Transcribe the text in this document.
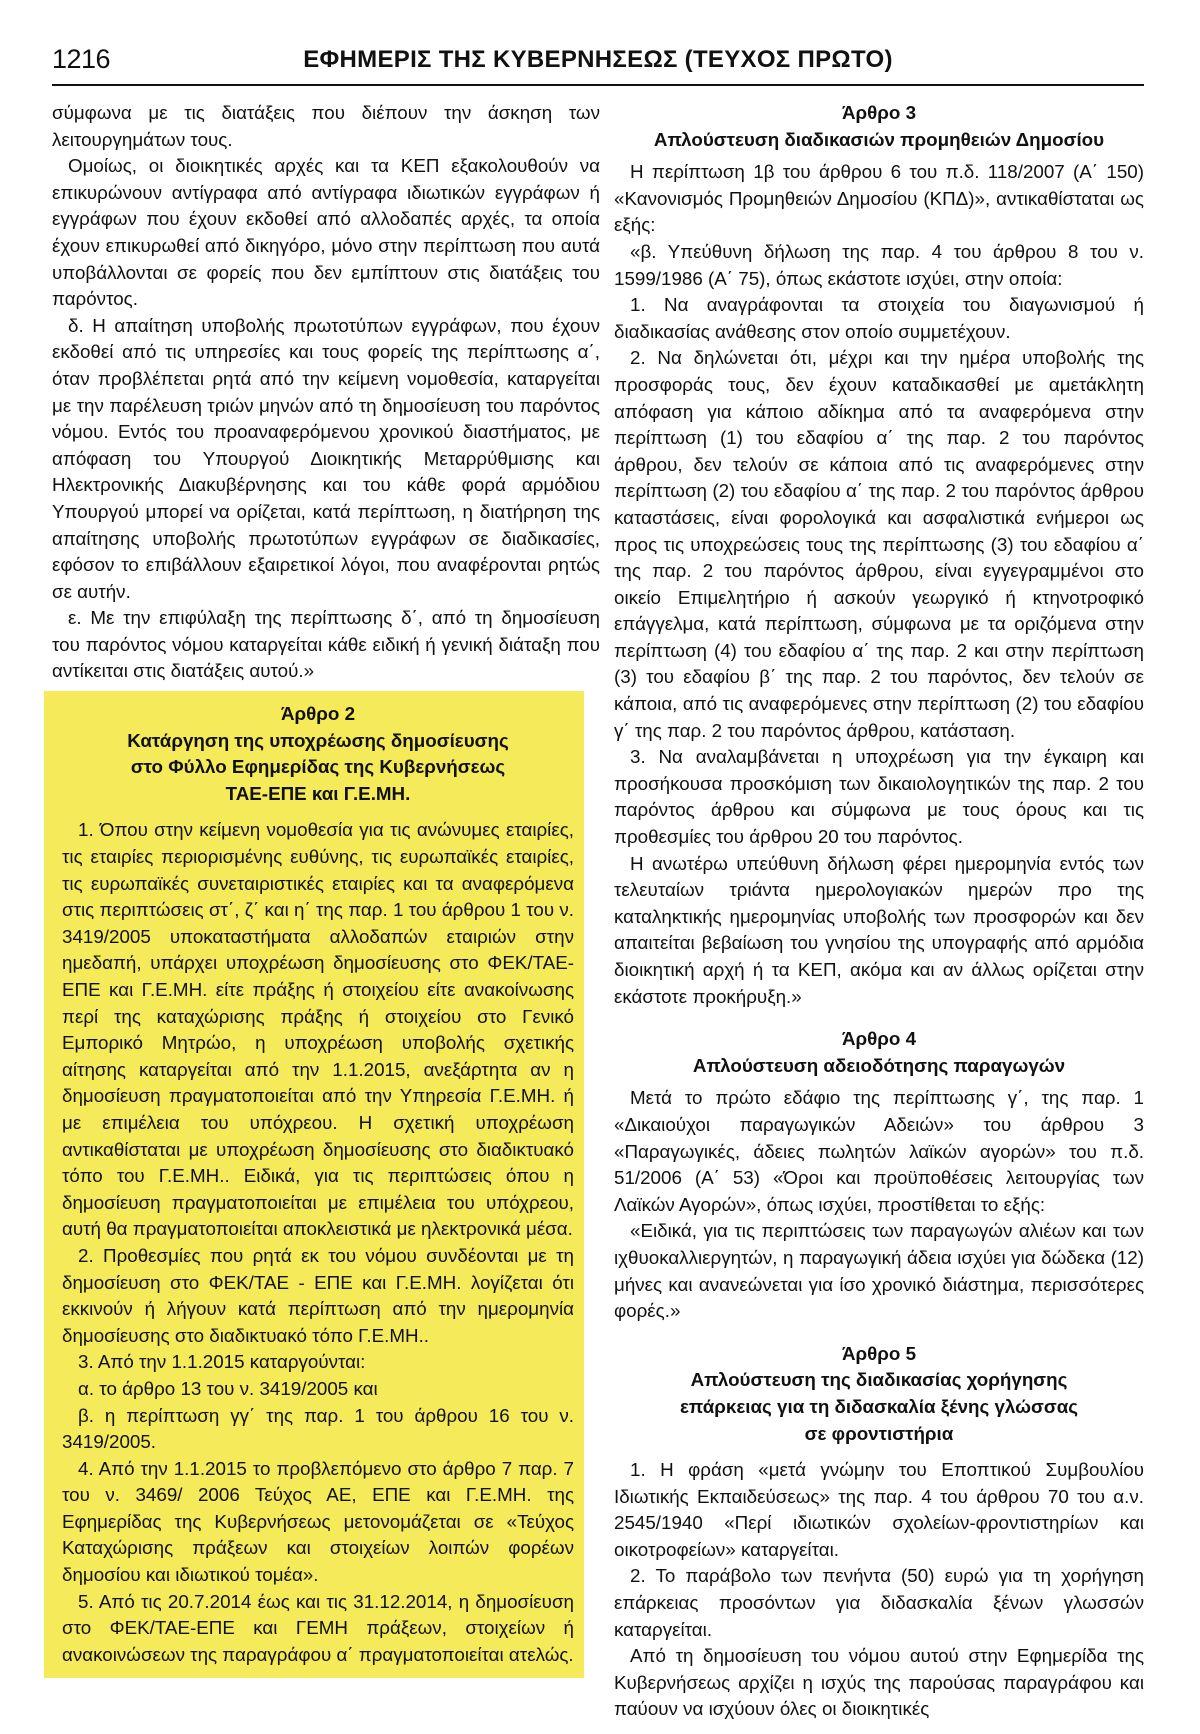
1216	ΕΦΗΜΕΡΙΣ ΤΗΣ ΚΥΒΕΡΝΗΣΕΩΣ (ΤΕΥΧΟΣ ΠΡΩΤΟ)

σύμφωνα με τις διατάξεις που διέπουν την άσκηση των λειτουργημάτων τους.

Ομοίως, οι διοικητικές αρχές και τα ΚΕΠ εξακολουθούν να επικυρώνουν αντίγραφα από αντίγραφα ιδιωτικών εγγράφων ή εγγράφων που έχουν εκδοθεί από αλλοδαπές αρχές, τα οποία έχουν επικυρωθεί από δικηγόρο, μόνο στην περίπτωση που αυτά υποβάλλονται σε φορείς που δεν εμπίπτουν στις διατάξεις του παρόντος.

δ. Η απαίτηση υποβολής πρωτοτύπων εγγράφων, που έχουν εκδοθεί από τις υπηρεσίες και τους φορείς της περίπτωσης α΄, όταν προβλέπεται ρητά από την κείμενη νομοθεσία, καταργείται με την παρέλευση τριών μηνών από τη δημοσίευση του παρόντος νόμου. Εντός του προαναφερόμενου χρονικού διαστήματος, με απόφαση του Υπουργού Διοικητικής Μεταρρύθμισης και Ηλεκτρονικής Διακυβέρνησης και του κάθε φορά αρμόδιου Υπουργού μπορεί να ορίζεται, κατά περίπτωση, η διατήρηση της απαίτησης υποβολής πρωτοτύπων εγγράφων σε διαδικασίες, εφόσον το επιβάλλουν εξαιρετικοί λόγοι, που αναφέρονται ρητώς σε αυτήν.

ε. Με την επιφύλαξη της περίπτωσης δ΄, από τη δημοσίευση του παρόντος νόμου καταργείται κάθε ειδική ή γενική διάταξη που αντίκειται στις διατάξεις αυτού.»

Άρθρο 2
Κατάργηση της υποχρέωσης δημοσίευσης
στο Φύλλο Εφημερίδας της Κυβερνήσεως
ΤΑΕ-ΕΠΕ και Γ.Ε.ΜΗ.

1. Όπου στην κείμενη νομοθεσία για τις ανώνυμες εταιρίες, τις εταιρίες περιορισμένης ευθύνης, τις ευρωπαϊκές εταιρίες, τις ευρωπαϊκές συνεταιριστικές εταιρίες και τα αναφερόμενα στις περιπτώσεις στ΄, ζ΄ και η΄ της παρ. 1 του άρθρου 1 του ν. 3419/2005 υποκαταστήματα αλλοδαπών εταιριών στην ημεδαπή, υπάρχει υποχρέωση δημοσίευσης στο ΦΕΚ/ΤΑΕ-ΕΠΕ και Γ.Ε.ΜΗ. είτε πράξης ή στοιχείου είτε ανακοίνωσης περί της καταχώρισης πράξης ή στοιχείου στο Γενικό Εμπορικό Μητρώο, η υποχρέωση υποβολής σχετικής αίτησης καταργείται από την 1.1.2015, ανεξάρτητα αν η δημοσίευση πραγματοποιείται από την Υπηρεσία Γ.Ε.ΜΗ. ή με επιμέλεια του υπόχρεου. Η σχετική υποχρέωση αντικαθίσταται με υποχρέωση δημοσίευσης στο διαδικτυακό τόπο του Γ.Ε.ΜΗ.. Ειδικά, για τις περιπτώσεις όπου η δημοσίευση πραγματοποιείται με επιμέλεια του υπόχρεου, αυτή θα πραγματοποιείται αποκλειστικά με ηλεκτρονικά μέσα.

2. Προθεσμίες που ρητά εκ του νόμου συνδέονται με τη δημοσίευση στο ΦΕΚ/ΤΑΕ - ΕΠΕ και Γ.Ε.ΜΗ. λογίζεται ότι εκκινούν ή λήγουν κατά περίπτωση από την ημερομηνία δημοσίευσης στο διαδικτυακό τόπο Γ.Ε.ΜΗ..

3. Από την 1.1.2015 καταργούνται:

α. το άρθρο 13 του ν. 3419/2005 και

β. η περίπτωση γγ΄ της παρ. 1 του άρθρου 16 του ν. 3419/2005.

4. Από την 1.1.2015 το προβλεπόμενο στο άρθρο 7 παρ. 7 του ν. 3469/ 2006 Τεύχος ΑΕ, ΕΠΕ και Γ.Ε.ΜΗ. της Εφημερίδας της Κυβερνήσεως μετονομάζεται σε «Τεύχος Καταχώρισης πράξεων και στοιχείων λοιπών φορέων δημοσίου και ιδιωτικού τομέα».

5. Από τις 20.7.2014 έως και τις 31.12.2014, η δημοσίευση στο ΦΕΚ/ΤΑΕ-ΕΠΕ και ΓΕΜΗ πράξεων, στοιχείων ή ανακοινώσεων της παραγράφου α΄ πραγματοποιείται ατελώς.

Άρθρο 3
Απλούστευση διαδικασιών προμηθειών Δημοσίου

Η περίπτωση 1β του άρθρου 6 του π.δ. 118/2007 (Α΄ 150) «Κανονισμός Προμηθειών Δημοσίου (ΚΠΔ)», αντικαθίσταται ως εξής:

«β. Υπεύθυνη δήλωση της παρ. 4 του άρθρου 8 του ν. 1599/1986 (Α΄ 75), όπως εκάστοτε ισχύει, στην οποία:

1. Να αναγράφονται τα στοιχεία του διαγωνισμού ή διαδικασίας ανάθεσης στον οποίο συμμετέχουν.

2. Να δηλώνεται ότι, μέχρι και την ημέρα υποβολής της προσφοράς τους, δεν έχουν καταδικασθεί με αμετάκλητη απόφαση για κάποιο αδίκημα από τα αναφερόμενα στην περίπτωση (1) του εδαφίου α΄ της παρ. 2 του παρόντος άρθρου, δεν τελούν σε κάποια από τις αναφερόμενες στην περίπτωση (2) του εδαφίου α΄ της παρ. 2 του παρόντος άρθρου καταστάσεις, είναι φορολογικά και ασφαλιστικά ενήμεροι ως προς τις υποχρεώσεις τους της περίπτωσης (3) του εδαφίου α΄ της παρ. 2 του παρόντος άρθρου, είναι εγγεγραμμένοι στο οικείο Επιμελητήριο ή ασκούν γεωργικό ή κτηνοτροφικό επάγγελμα, κατά περίπτωση, σύμφωνα με τα οριζόμενα στην περίπτωση (4) του εδαφίου α΄ της παρ. 2 και στην περίπτωση (3) του εδαφίου β΄ της παρ. 2 του παρόντος, δεν τελούν σε κάποια, από τις αναφερόμενες στην περίπτωση (2) του εδαφίου γ΄ της παρ. 2 του παρόντος άρθρου, κατάσταση.

3. Να αναλαμβάνεται η υποχρέωση για την έγκαιρη και προσήκουσα προσκόμιση των δικαιολογητικών της παρ. 2 του παρόντος άρθρου και σύμφωνα με τους όρους και τις προθεσμίες του άρθρου 20 του παρόντος.

Η ανωτέρω υπεύθυνη δήλωση φέρει ημερομηνία εντός των τελευταίων τριάντα ημερολογιακών ημερών προ της καταληκτικής ημερομηνίας υποβολής των προσφορών και δεν απαιτείται βεβαίωση του γνησίου της υπογραφής από αρμόδια διοικητική αρχή ή τα ΚΕΠ, ακόμα και αν άλλως ορίζεται στην εκάστοτε προκήρυξη.»

Άρθρο 4
Απλούστευση αδειοδότησης παραγωγών

Μετά το πρώτο εδάφιο της περίπτωσης γ΄, της παρ. 1 «Δικαιούχοι παραγωγικών Αδειών» του άρθρου 3 «Παραγωγικές, άδειες πωλητών λαϊκών αγορών» του π.δ. 51/2006 (Α΄ 53) «Όροι και προϋποθέσεις λειτουργίας των Λαϊκών Αγορών», όπως ισχύει, προστίθεται το εξής:

«Ειδικά, για τις περιπτώσεις των παραγωγών αλιέων και των ιχθυοκαλλιεργητών, η παραγωγική άδεια ισχύει για δώδεκα (12) μήνες και ανανεώνεται για ίσο χρονικό διάστημα, περισσότερες φορές.»

Άρθρο 5
Απλούστευση της διαδικασίας χορήγησης
επάρκειας για τη διδασκαλία ξένης γλώσσας
σε φροντιστήρια

1. Η φράση «μετά γνώμην του Εποπτικού Συμβουλίου Ιδιωτικής Εκπαιδεύσεως» της παρ. 4 του άρθρου 70 του α.ν. 2545/1940 «Περί ιδιωτικών σχολείων-φροντιστηρίων και οικοτροφείων» καταργείται.

2. Το παράβολο των πενήντα (50) ευρώ για τη χορήγηση επάρκειας προσόντων για διδασκαλία ξένων γλωσσών καταργείται.

Από τη δημοσίευση του νόμου αυτού στην Εφημερίδα της Κυβερνήσεως αρχίζει η ισχύς της παρούσας παραγράφου και παύουν να ισχύουν όλες οι διοικητικές
